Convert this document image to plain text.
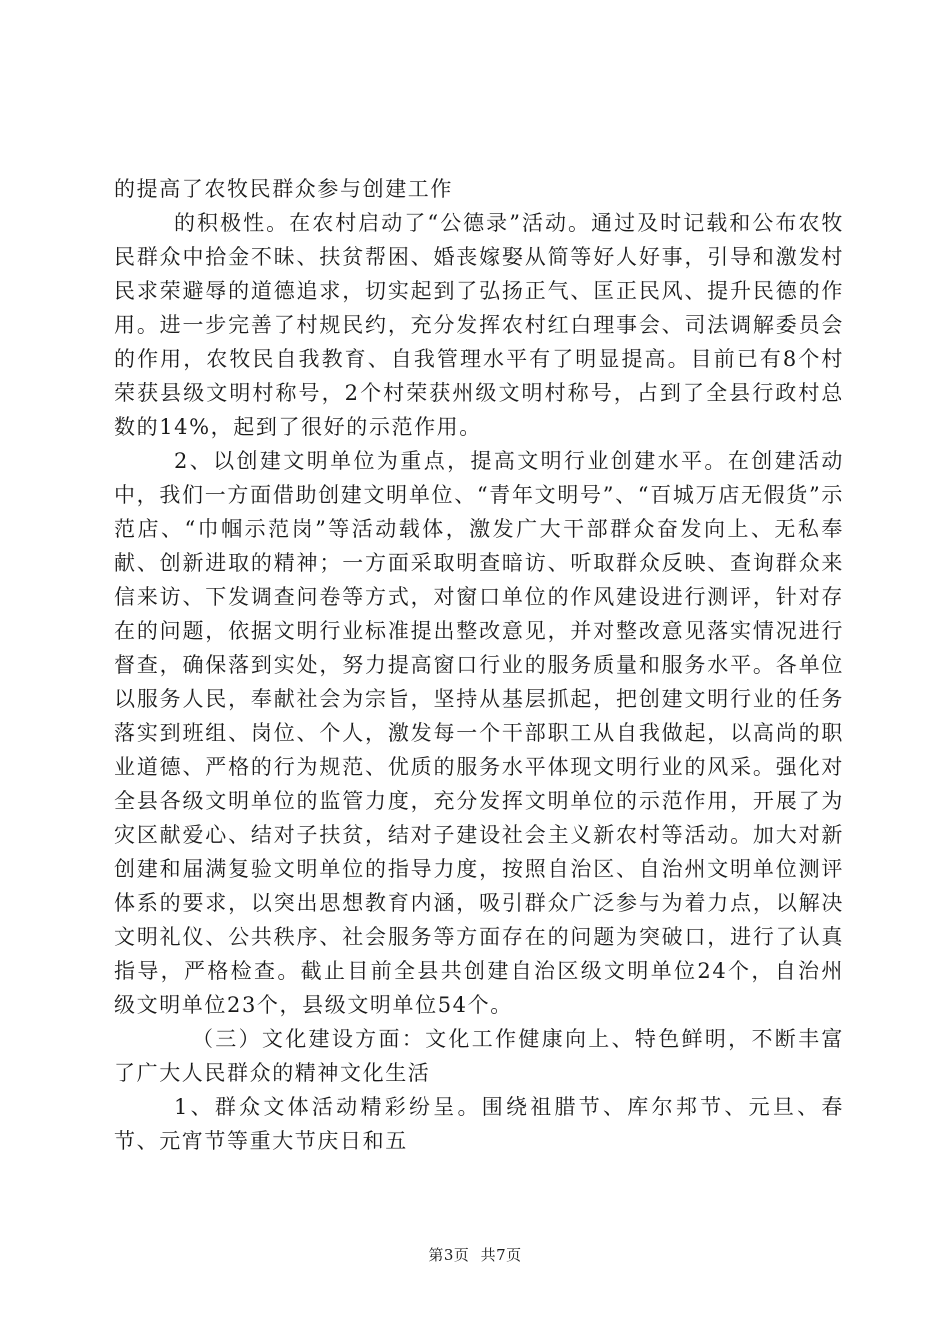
的提高了农牧民群众参与创建工作

的积极性。在农村启动了“公德录”活动。通过及时记载和公布农牧民群众中拾金不昧、扶贫帮困、婚丧嫁娶从简等好人好事，引导和激发村民求荣避辱的道德追求，切实起到了弘扬正气、匡正民风、提升民德的作用。进一步完善了村规民约，充分发挥农村红白理事会、司法调解委员会的作用，农牧民自我教育、自我管理水平有了明显提高。目前已有8个村荣获县级文明村称号，2个村荣获州级文明村称号，占到了全县行政村总数的14%，起到了很好的示范作用。

2、以创建文明单位为重点，提高文明行业创建水平。在创建活动中，我们一方面借助创建文明单位、“青年文明号”、“百城万店无假货”示范店、“巾帼示范岗”等活动载体，激发广大干部群众奋发向上、无私奉献、创新进取的精神；一方面采取明查暗访、听取群众反映、查询群众来信来访、下发调查问卷等方式，对窗口单位的作风建设进行测评，针对存在的问题，依据文明行业标准提出整改意见，并对整改意见落实情况进行督查，确保落到实处，努力提高窗口行业的服务质量和服务水平。各单位以服务人民，奉献社会为宗旨，坚持从基层抓起，把创建文明行业的任务落实到班组、岗位、个人，激发每一个干部职工从自我做起，以高尚的职业道德、严格的行为规范、优质的服务水平体现文明行业的风采。强化对全县各级文明单位的监管力度，充分发挥文明单位的示范作用，开展了为灾区献爱心、结对子扶贫，结对子建设社会主义新农村等活动。加大对新创建和届满复验文明单位的指导力度，按照自治区、自治州文明单位测评体系的要求，以突出思想教育内涵，吸引群众广泛参与为着力点，以解决文明礼仪、公共秩序、社会服务等方面存在的问题为突破口，进行了认真指导，严格检查。截止目前全县共创建自治区级文明单位24个，自治州级文明单位23个，县级文明单位54个。

（三）文化建设方面：文化工作健康向上、特色鲜明，不断丰富了广大人民群众的精神文化生活

1、群众文体活动精彩纷呈。围绕祖腊节、库尔邦节、元旦、春节、元宵节等重大节庆日和五

第3页 共7页
